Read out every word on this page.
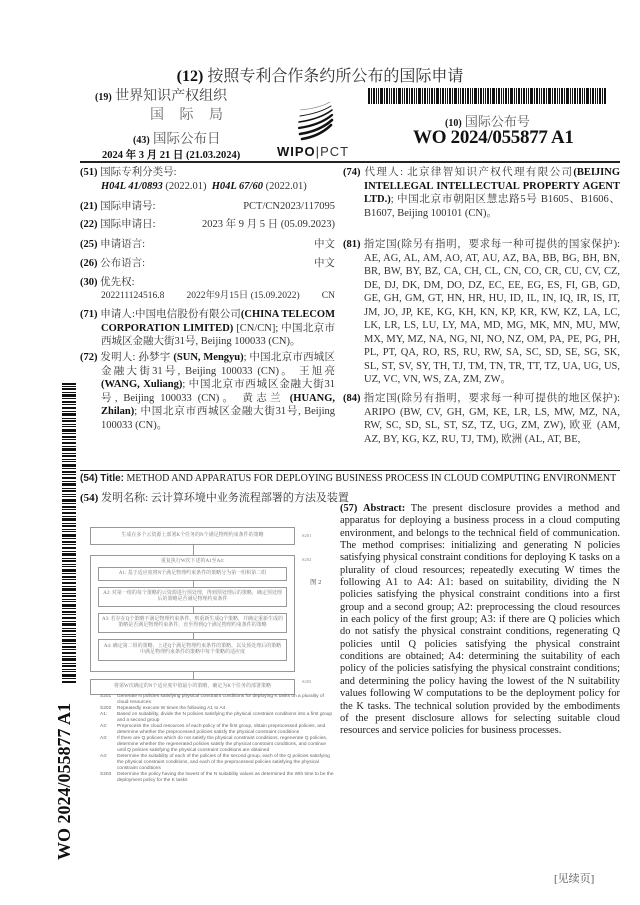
(12) 按照专利合作条约所公布的国际申请
(19) 世界知识产权组织
国 际 局
(43) 国际公布日
2024 年 3 月 21 日 (21.03.2024)	WIPO|PCT
(10) 国际公布号
WO 2024/055877 A1
(51) 国际专利分类号:
H04L 41/0893 (2022.01) H04L 67/60 (2022.01)
(21) 国际申请号:	PCT/CN2023/117095
(22) 国际申请日:	2023 年 9 月 5 日 (05.09.2023)
(25) 申请语言:	中文
(26) 公布语言:	中文
(30) 优先权:
202211124516.8 2022年9月15日 (15.09.2022) CN
(71) 申请人:中国电信股份有限公司(CHINA TELECOM CORPORATION LIMITED) [CN/CN]; 中国北京市西城区金融大街31号, Beijing 100033 (CN)。
(72) 发明人: 孙梦宇 (SUN, Mengyu); 中国北京市西城区金融大街31号, Beijing 100033 (CN)。 王旭亮 (WANG, Xuliang); 中国北京市西城区金融大街31号, Beijing 100033 (CN)。 黄志兰 (HUANG, Zhilan); 中国北京市西城区金融大街31号, Beijing 100033 (CN)。
(74) 代理人: 北京律智知识产权代理有限公司(BEIJING INTELLEGAL INTELLECTUAL PROPERTY AGENT LTD.); 中国北京市朝阳区慧忠路5号 B1605、B1606、B1607, Beijing 100101 (CN)。
(81) 指定国(除另有指明，要求每一种可提供的国家保护): AE, AG, AL, AM, AO, AT, AU, AZ, BA, BB, BG, BH, BN, BR, BW, BY, BZ, CA, CH, CL, CN, CO, CR, CU, CV, CZ, DE, DJ, DK, DM, DO, DZ, EC, EE, EG, ES, FI, GB, GD, GE, GH, GM, GT, HN, HR, HU, ID, IL, IN, IQ, IR, IS, IT, JM, JO, JP, KE, KG, KH, KN, KP, KR, KW, KZ, LA, LC, LK, LR, LS, LU, LY, MA, MD, MG, MK, MN, MU, MW, MX, MY, MZ, NA, NG, NI, NO, NZ, OM, PA, PE, PG, PH, PL, PT, QA, RO, RS, RU, RW, SA, SC, SD, SE, SG, SK, SL, ST, SV, SY, TH, TJ, TM, TN, TR, TT, TZ, UA, UG, US, UZ, VC, VN, WS, ZA, ZM, ZW。
(84) 指定国(除另有指明，要求每一种可提供的地区保护): ARIPO (BW, CV, GH, GM, KE, LR, LS, MW, MZ, NA, RW, SC, SD, SL, ST, SZ, TZ, UG, ZM, ZW), 欧亚 (AM, AZ, BY, KG, KZ, RU, TJ, TM), 欧洲 (AL, AT, BE,
WO 2024/055877 A1
(54) Title: METHOD AND APPARATUS FOR DEPLOYING BUSINESS PROCESS IN CLOUD COMPUTING ENVIRONMENT
(54) 发明名称: 云计算环境中业务流程部署的方法及装置
生成在多个云资源上部署K个任务的N个满足物理约束条件的策略	S201
重复执行W次下述的A1至A4:	S202
A1: 基于适应度将N个满足物理约束条件的策略分为第一组和第二组
A2: 对第一组的每个策略的云资源进行预处理，得到预处理后的策略，确定预处理后的策略是否满足物理约束条件
A3: 若存在Q个策略不满足物理约束条件，则重新生成Q个策略，并确定重新生成的策略是否满足物理约束条件，直至得到Q个满足物理约束条件的策略
A4: 确定第二组的策略、上述Q个满足物理约束条件的策略，以及预处理后的策略中满足物理约束条件的策略中每个策略的适应度
将第W次确定的N个适应度中值最小的策略，确定为K个任务的部署策略
S203
图 2
S201	Generate N policies satisfying physical constraint conditions for deploying K tasks on a plurality of cloud resources
S202	Repeatedly execute W times the following A1 to A4
A1:	Based on suitability, divide the N policies satisfying the physical constraint conditions into a first group and a second group
A2:	Preprocess the cloud resources of each policy of the first group, obtain preprocessed policies, and determine whether the preprocessed policies satisfy the physical constraint conditions
A3:	If there are Q policies which do not satisfy the physical constraint conditions, regenerate Q policies, determine whether the regenerated policies satisfy the physical constraint conditions, and continue until Q policies satisfying the physical constraint conditions are obtained
A4:	Determine the suitability of each of the policies of the second group, each of the Q policies satisfying the physical constraint conditions, and each of the preprocessed policies satisfying the physical constraint conditions
S203	Determine the policy having the lowest of the N suitability values as determined the Wth time to be the deployment policy for the K tasks
(57) Abstract: The present disclosure provides a method and apparatus for deploying a business process in a cloud computing environment, and belongs to the technical field of communication. The method comprises: initializing and generating N policies satisfying physical constraint conditions for deploying K tasks on a plurality of cloud resources; repeatedly executing W times the following A1 to A4: A1: based on suitability, dividing the N policies satisfying the physical constraint conditions into a first group and a second group; A2: preprocessing the cloud resources in each policy of the first group; A3: if there are Q policies which do not satisfy the physical constraint conditions, regenerating Q policies until Q policies satisfying the physical constraint conditions are obtained; A4: determining the suitability of each policy of the policies satisfying the physical constraint conditions; and determining the policy having the lowest of the N suitability values following W computations to be the deployment policy for the K tasks. The technical solution provided by the embodiments of the present disclosure allows for selecting suitable cloud resources and service policies for business processes.
[见续页]
